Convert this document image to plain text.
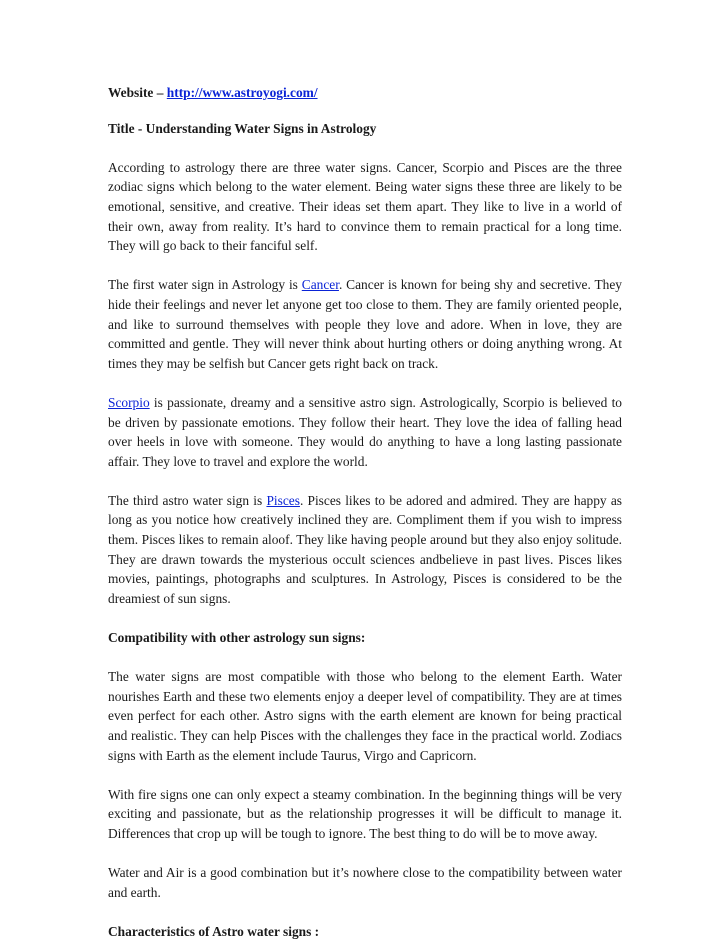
Website – http://www.astroyogi.com/

Title - Understanding Water Signs in Astrology

According to astrology there are three water signs. Cancer, Scorpio and Pisces are the three zodiac signs which belong to the water element. Being water signs these three are likely to be emotional, sensitive, and creative. Their ideas set them apart. They like to live in a world of their own, away from reality. It’s hard to convince them to remain practical for a long time. They will go back to their fanciful self.

The first water sign in Astrology is Cancer. Cancer is known for being shy and secretive. They hide their feelings and never let anyone get too close to them. They are family oriented people, and like to surround themselves with people they love and adore. When in love, they are committed and gentle. They will never think about hurting others or doing anything wrong. At times they may be selfish but Cancer gets right back on track.

Scorpio is passionate, dreamy and a sensitive astro sign. Astrologically, Scorpio is believed to be driven by passionate emotions. They follow their heart. They love the idea of falling head over heels in love with someone. They would do anything to have a long lasting passionate affair. They love to travel and explore the world.

The third astro water sign is Pisces. Pisces likes to be adored and admired. They are happy as long as you notice how creatively inclined they are. Compliment them if you wish to impress them. Pisces likes to remain aloof. They like having people around but they also enjoy solitude. They are drawn towards the mysterious occult sciences andbelieve in past lives. Pisces likes movies, paintings, photographs and sculptures. In Astrology, Pisces is considered to be the dreamiest of sun signs.

Compatibility with other astrology sun signs:

The water signs are most compatible with those who belong to the element Earth. Water nourishes Earth and these two elements enjoy a deeper level of compatibility. They are at times even perfect for each other. Astro signs with the earth element are known for being practical and realistic. They can help Pisces with the challenges they face in the practical world. Zodiacs signs with Earth as the element include Taurus, Virgo and Capricorn.

With fire signs one can only expect a steamy combination. In the beginning things will be very exciting and passionate, but as the relationship progresses it will be difficult to manage it. Differences that crop up will be tough to ignore. The best thing to do will be to move away.

Water and Air is a good combination but it’s nowhere close to the compatibility between water and earth.

Characteristics of Astro water signs :
